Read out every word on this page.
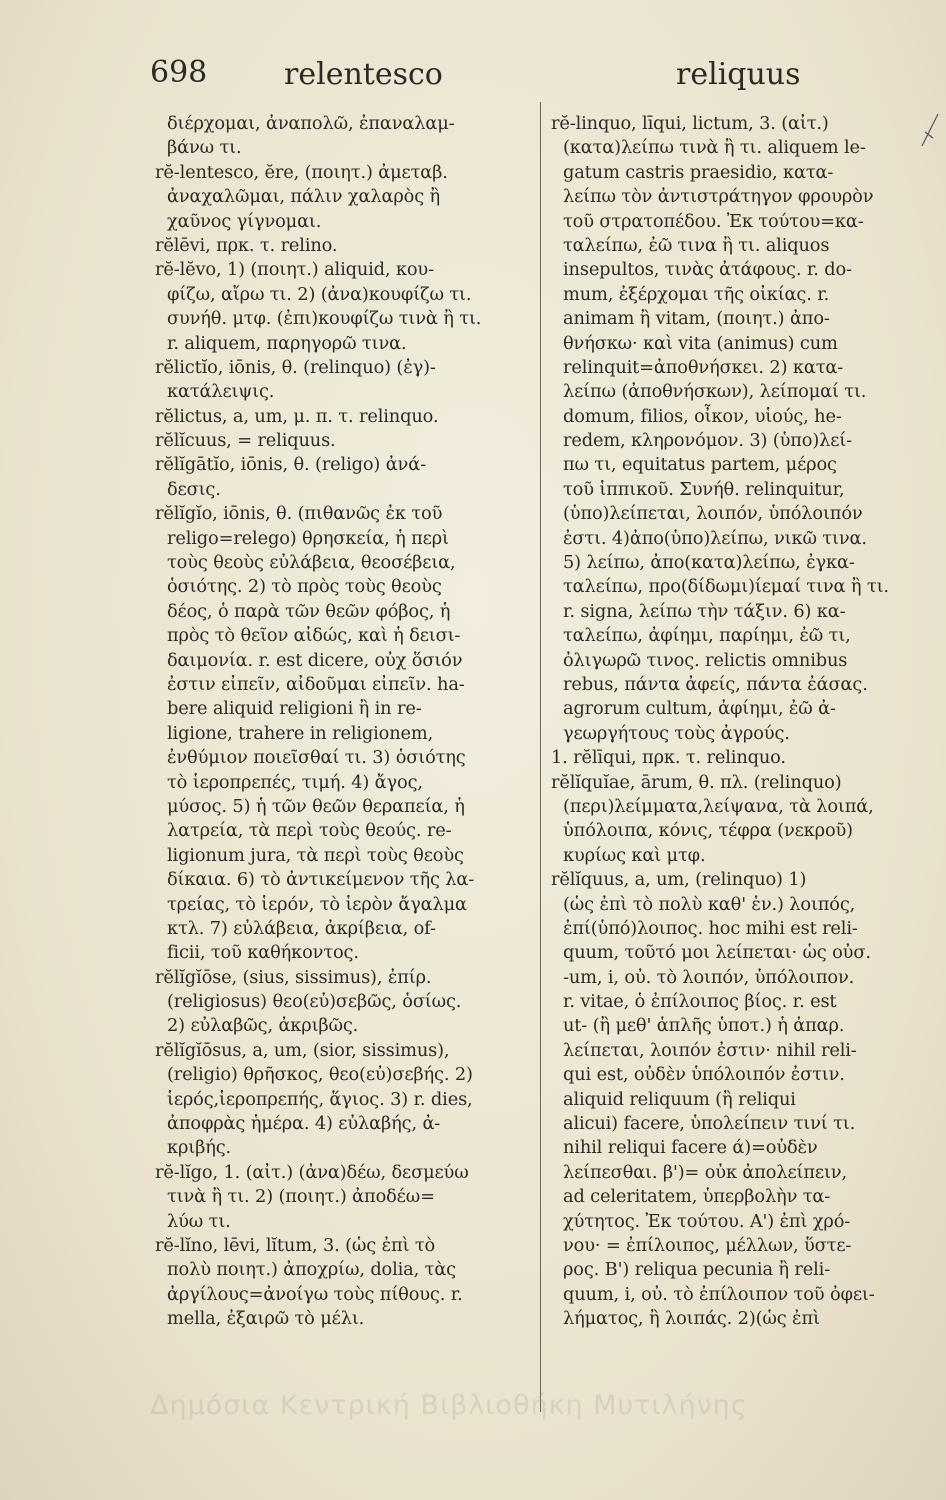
698	relentesco	reliquus
διέρχομαι, ἀναπολῶ, ἐπαναλαμ-
βάνω τι.
rĕ-lentesco, ĕre, (ποιητ.) ἀμεταβ.
ἀναχαλῶμαι, πάλιν χαλαρὸς ἢ
χαῦνος γίγνομαι.
rĕlēvi, πρκ. τ. relino.
rĕ-lĕvo, 1) (ποιητ.) aliquid, κου-
φίζω, αἴρω τι. 2) (ἀνα)κουφίζω τι.
συνήθ. μτφ. (ἐπι)κουφίζω τινὰ ἢ τι.
r. aliquem, παρηγορῶ τινα.
rĕlictĭo, iōnis, θ. (relinquo) (ἐγ)-
κατάλειψις.
rĕlictus, a, um, μ. π. τ. relinquo.
rĕlĭcuus, = reliquus.
rĕlĭgātĭo, iōnis, θ. (religo) ἀνά-
δεσις.
rĕlĭgĭo, iōnis, θ. (πιθανῶς ἐκ τοῦ
religo=relego) θρησκεία, ἡ περὶ
τοὺς θεοὺς εὐλάβεια, θεοσέβεια,
ὁσιότης. 2) τὸ πρὸς τοὺς θεοὺς
δέος, ὁ παρὰ τῶν θεῶν φόβος, ἡ
πρὸς τὸ θεῖον αἰδώς, καὶ ἡ δεισι-
δαιμονία. r. est dicere, οὐχ ὅσιόν
ἐστιν εἰπεῖν, αἰδοῦμαι εἰπεῖν. ha-
bere aliquid religioni ἢ in re-
ligione, trahere in religionem,
ἐνθύμιον ποιεῖσθαί τι. 3) ὁσιότης
τὸ ἱεροπρεπές, τιμή. 4) ἄγος,
μύσος. 5) ἡ τῶν θεῶν θεραπεία, ἡ
λατρεία, τὰ περὶ τοὺς θεούς. re-
ligionum jura, τὰ περὶ τοὺς θεοὺς
δίκαια. 6) τὸ ἀντικείμενον τῆς λα-
τρείας, τὸ ἱερόν, τὸ ἱερὸν ἄγαλμα
κτλ. 7) εὐλάβεια, ἀκρίβεια, of-
ficii, τοῦ καθήκοντος.
rĕlĭgĭōse, (sius, sissimus), ἐπίρ.
(religiosus) θεο(εὐ)σεβῶς, ὁσίως.
2) εὐλαβῶς, ἀκριβῶς.
rĕlĭgĭōsus, a, um, (sior, sissimus),
(religio) θρῆσκος, θεο(εὐ)σεβής. 2)
ἱερός,ἱεροπρεπής, ἅγιος. 3) r. dies,
ἀποφρὰς ἡμέρα. 4) εὐλαβής, ἀ-
κριβής.
rĕ-lĭgo, 1. (αἰτ.) (ἀνα)δέω, δεσμεύω
τινὰ ἢ τι. 2) (ποιητ.) ἀποδέω=
λύω τι.
rĕ-lĭno, lēvi, lĭtum, 3. (ὡς ἐπὶ τὸ
πολὺ ποιητ.) ἀποχρίω, dolia, τὰς
ἀργίλους=ἀνοίγω τοὺς πίθους. r.
mella, ἐξαιρῶ τὸ μέλι.
rĕ-linquo, līqui, lictum, 3. (αἰτ.)
(κατα)λείπω τινὰ ἢ τι. aliquem le-
gatum castris praesidio, κατα-
λείπω τὸν ἀντιστράτηγον φρουρὸν
τοῦ στρατοπέδου. Ἐκ τούτου=κα-
ταλείπω, ἐῶ τινα ἢ τι. aliquos
insepultos, τινὰς ἀτάφους. r. do-
mum, ἐξέρχομαι τῆς οἰκίας. r.
animam ἢ vitam, (ποιητ.) ἀπο-
θνήσκω· καὶ vita (animus) cum
relinquit=ἀποθνήσκει. 2) κατα-
λείπω (ἀποθνήσκων), λείπομαί τι.
domum, filios, οἶκον, υἱούς, he-
redem, κληρονόμον. 3) (ὑπο)λεί-
πω τι, equitatus partem, μέρος
τοῦ ἱππικοῦ. Συνήθ. relinquitur,
(ὑπο)λείπεται, λοιπόν, ὑπόλοιπόν
ἐστι. 4)ἀπο(ὑπο)λείπω, νικῶ τινα.
5) λείπω, ἀπο(κατα)λείπω, ἐγκα-
ταλείπω, προ(δίδωμι)ίεμαί τινα ἢ τι.
r. signa, λείπω τὴν τάξιν. 6) κα-
ταλείπω, ἀφίημι, παρίημι, ἐῶ τι,
ὀλιγωρῶ τινος. relictis omnibus
rebus, πάντα ἀφείς, πάντα ἐάσας.
agrorum cultum, ἀφίημι, ἐῶ ἀ-
γεωργήτους τοὺς ἀγρούς.
1. rĕlīqui, πρκ. τ. relinquo.
rĕlĭquĭae, ārum, θ. πλ. (relinquo)
(περι)λείμματα,λείψανα, τὰ λοιπά,
ὑπόλοιπα, κόνις, τέφρα (νεκροῦ)
κυρίως καὶ μτφ.
rĕlĭquus, a, um, (relinquo) 1)
(ὡς ἐπὶ τὸ πολὺ καθ' ἑν.) λοιπός,
ἐπί(ὑπό)λοιπος. hoc mihi est reli-
quum, τοῦτό μοι λείπεται· ὡς οὐσ.
-um, i, οὐ. τὸ λοιπόν, ὑπόλοιπον.
r. vitae, ὁ ἐπίλοιπος βίος. r. est
ut- (ἢ μεθ' ἁπλῆς ὑποτ.) ἡ ἀπαρ.
λείπεται, λοιπόν ἐστιν· nihil reli-
qui est, οὐδὲν ὑπόλοιπόν ἐστιν.
aliquid reliquum (ἢ reliqui
alicui) facere, ὑπολείπειν τινί τι.
nihil reliqui facere ά)=οὐδὲν
λείπεσθαι. β')= οὐκ ἀπολείπειν,
ad celeritatem, ὑπερβολὴν τα-
χύτητος. Ἐκ τούτου. Α') ἐπὶ χρό-
νου· = ἐπίλοιπος, μέλλων, ὕστε-
ρος. Β') reliqua pecunia ἢ reli-
quum, i, οὐ. τὸ ἐπίλοιπον τοῦ ὀφει-
λήματος, ἢ λοιπάς. 2)(ὡς ἐπὶ
Δημόσια Κεντρική Βιβλιοθήκη Μυτιλήνης
